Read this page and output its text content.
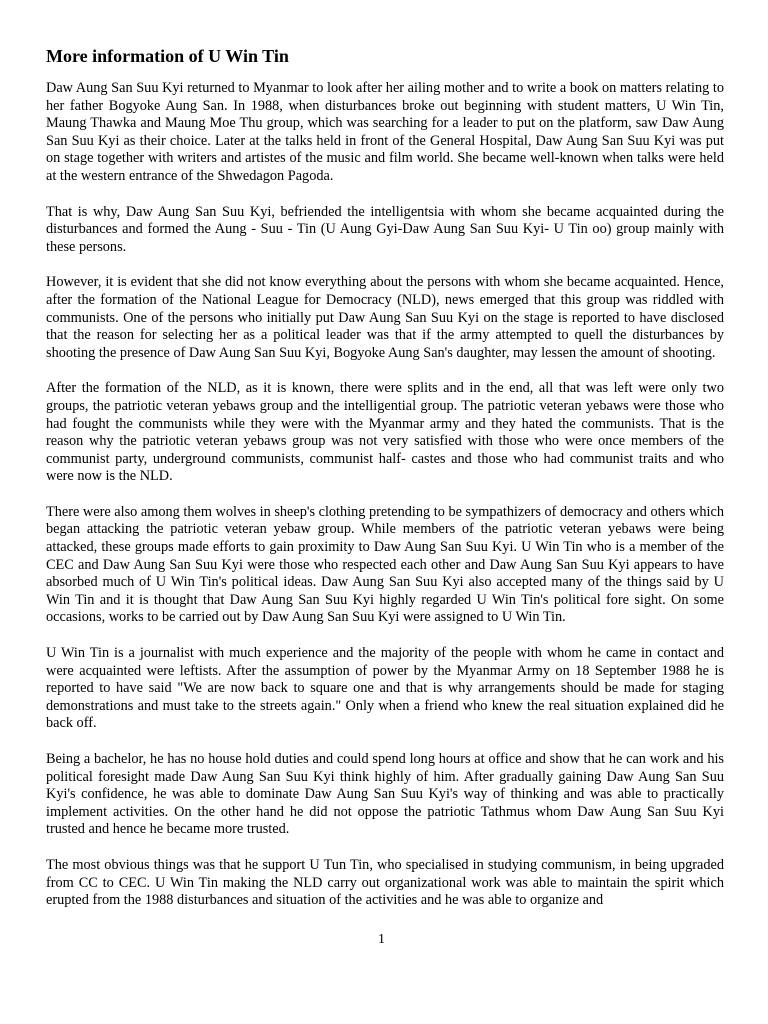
More information of U Win Tin

Daw Aung San Suu Kyi returned to Myanmar to look after her ailing mother and to write a book on matters relating to her father Bogyoke Aung San. In 1988, when disturbances broke out beginning with student matters, U Win Tin, Maung Thawka and Maung Moe Thu group, which was searching for a leader to put on the platform, saw Daw Aung San Suu Kyi as their choice. Later at the talks held in front of the General Hospital, Daw Aung San Suu Kyi was put on stage together with writers and artistes of the music and film world. She became well-known when talks were held at the western entrance of the Shwedagon Pagoda.

That is why, Daw Aung San Suu Kyi, befriended the intelligentsia with whom she became acquainted during the disturbances and formed the Aung - Suu - Tin (U Aung Gyi-Daw Aung San Suu Kyi- U Tin oo) group mainly with these persons.

However, it is evident that she did not know everything about the persons with whom she became acquainted. Hence, after the formation of the National League for Democracy (NLD), news emerged that this group was riddled with communists. One of the persons who initially put Daw Aung San Suu Kyi on the stage is reported to have disclosed that the reason for selecting her as a political leader was that if the army attempted to quell the disturbances by shooting the presence of Daw Aung San Suu Kyi, Bogyoke Aung San's daughter, may lessen the amount of shooting.

After the formation of the NLD, as it is known, there were splits and in the end, all that was left were only two groups, the patriotic veteran yebaws group and the intelligential group. The patriotic veteran yebaws were those who had fought the communists while they were with the Myanmar army and they hated the communists. That is the reason why the patriotic veteran yebaws group was not very satisfied with those who were once members of the communist party, underground communists, communist half- castes and those who had communist traits and who were now is the NLD.

There were also among them wolves in sheep's clothing pretending to be sympathizers of democracy and others which began attacking the patriotic veteran yebaw group. While members of the patriotic veteran yebaws were being attacked, these groups made efforts to gain proximity to Daw Aung San Suu Kyi. U Win Tin who is a member of the CEC and Daw Aung San Suu Kyi were those who respected each other and Daw Aung San Suu Kyi appears to have absorbed much of U Win Tin's political ideas. Daw Aung San Suu Kyi also accepted many of the things said by U Win Tin and it is thought that Daw Aung San Suu Kyi highly regarded U Win Tin's political fore sight. On some occasions, works to be carried out by Daw Aung San Suu Kyi were assigned to U Win Tin.

U Win Tin is a journalist with much experience and the majority of the people with whom he came in contact and were acquainted were leftists. After the assumption of power by the Myanmar Army on 18 September 1988 he is reported to have said "We are now back to square one and that is why arrangements should be made for staging demonstrations and must take to the streets again." Only when a friend who knew the real situation explained did he back off.

Being a bachelor, he has no house hold duties and could spend long hours at office and show that he can work and his political foresight made Daw Aung San Suu Kyi think highly of him. After gradually gaining Daw Aung San Suu Kyi's confidence, he was able to dominate Daw Aung San Suu Kyi's way of thinking and was able to practically implement activities. On the other hand he did not oppose the patriotic Tathmus whom Daw Aung San Suu Kyi trusted and hence he became more trusted.

The most obvious things was that he support U Tun Tin, who specialised in studying communism, in being upgraded from CC to CEC. U Win Tin making the NLD carry out organizational work was able to maintain the spirit which erupted from the 1988 disturbances and situation of the activities and he was able to organize and

1
